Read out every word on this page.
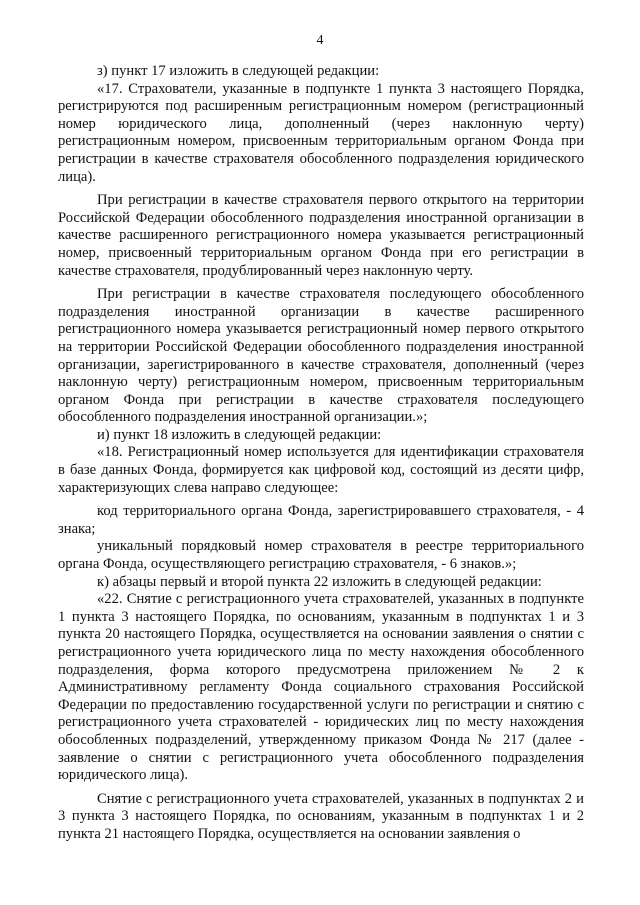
4

з) пункт 17 изложить в следующей редакции:

«17. Страхователи, указанные в подпункте 1 пункта 3 настоящего Порядка, регистрируются под расширенным регистрационным номером (регистрационный номер юридического лица, дополненный (через наклонную черту) регистрационным номером, присвоенным территориальным органом Фонда при регистрации в качестве страхователя обособленного подразделения юридического лица).

При регистрации в качестве страхователя первого открытого на территории Российской Федерации обособленного подразделения иностранной организации в качестве расширенного регистрационного номера указывается регистрационный номер, присвоенный территориальным органом Фонда при его регистрации в качестве страхователя, продублированный через наклонную черту.

При регистрации в качестве страхователя последующего обособленного подразделения иностранной организации в качестве расширенного регистрационного номера указывается регистрационный номер первого открытого на территории Российской Федерации обособленного подразделения иностранной организации, зарегистрированного в качестве страхователя, дополненный (через наклонную черту) регистрационным номером, присвоенным территориальным органом Фонда при регистрации в качестве страхователя последующего обособленного подразделения иностранной организации.»;

и) пункт 18 изложить в следующей редакции:

«18. Регистрационный номер используется для идентификации страхователя в базе данных Фонда, формируется как цифровой код, состоящий из десяти цифр, характеризующих слева направо следующее:

код территориального органа Фонда, зарегистрировавшего страхователя, - 4 знака;

уникальный порядковый номер страхователя в реестре территориального органа Фонда, осуществляющего регистрацию страхователя, - 6 знаков.»;

к) абзацы первый и второй пункта 22 изложить в следующей редакции:

«22. Снятие с регистрационного учета страхователей, указанных в подпункте 1 пункта 3 настоящего Порядка, по основаниям, указанным в подпунктах 1 и 3 пункта 20 настоящего Порядка, осуществляется на основании заявления о снятии с регистрационного учета юридического лица по месту нахождения обособленного подразделения, форма которого предусмотрена приложением № 2 к Административному регламенту Фонда социального страхования Российской Федерации по предоставлению государственной услуги по регистрации и снятию с регистрационного учета страхователей - юридических лиц по месту нахождения обособленных подразделений, утвержденному приказом Фонда № 217 (далее - заявление о снятии с регистрационного учета обособленного подразделения юридического лица).

Снятие с регистрационного учета страхователей, указанных в подпунктах 2 и 3 пункта 3 настоящего Порядка, по основаниям, указанным в подпунктах 1 и 2 пункта 21 настоящего Порядка, осуществляется на основании заявления о
